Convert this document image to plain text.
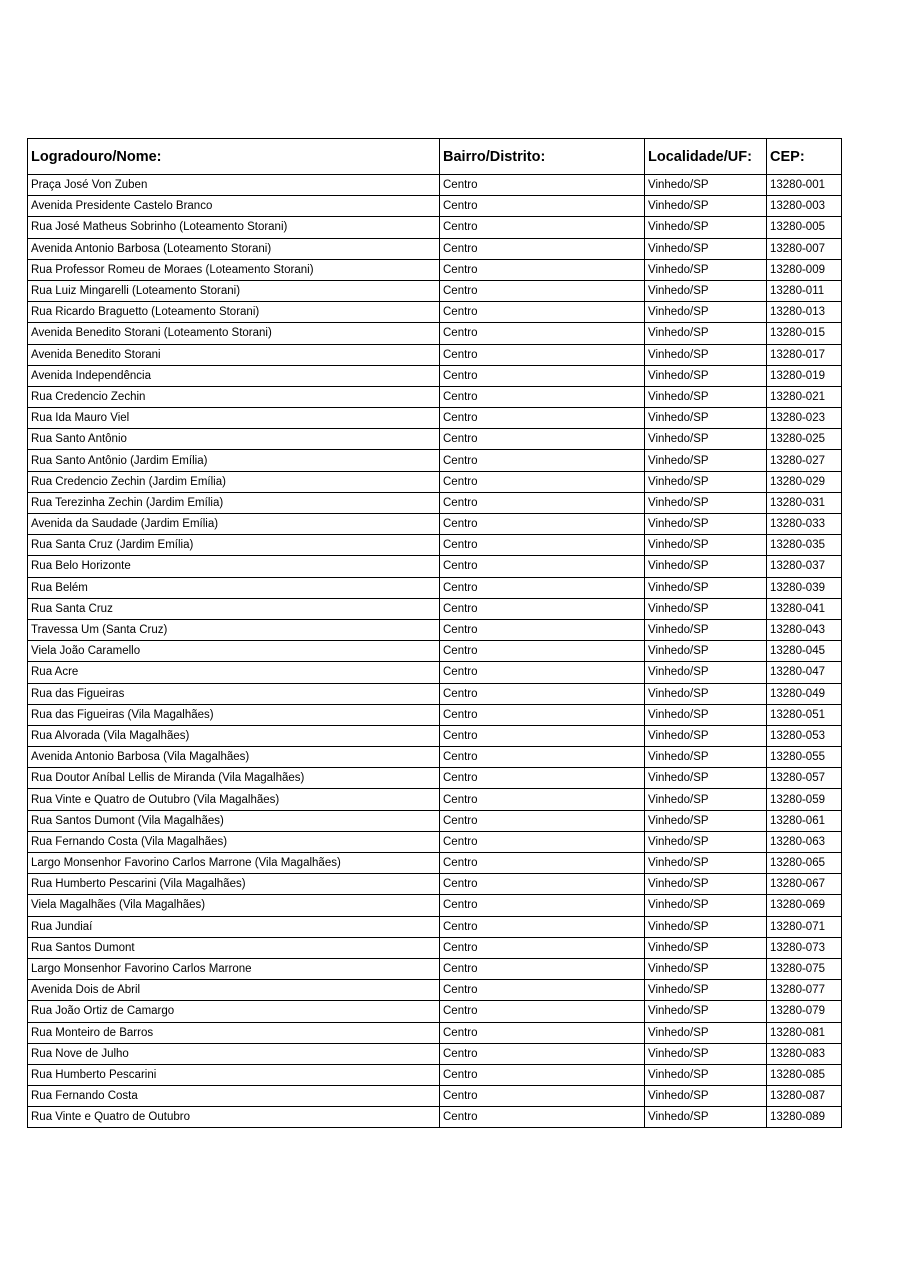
Logradouro/Nome:	Bairro/Distrito:	Localidade/UF:	CEP:
Praça José Von Zuben	Centro	Vinhedo/SP	13280-001
Avenida Presidente Castelo Branco	Centro	Vinhedo/SP	13280-003
Rua José Matheus Sobrinho (Loteamento Storani)	Centro	Vinhedo/SP	13280-005
Avenida Antonio Barbosa (Loteamento Storani)	Centro	Vinhedo/SP	13280-007
Rua Professor Romeu de Moraes (Loteamento Storani)	Centro	Vinhedo/SP	13280-009
Rua Luiz Mingarelli (Loteamento Storani)	Centro	Vinhedo/SP	13280-011
Rua Ricardo Braguetto (Loteamento Storani)	Centro	Vinhedo/SP	13280-013
Avenida Benedito Storani (Loteamento Storani)	Centro	Vinhedo/SP	13280-015
Avenida Benedito Storani	Centro	Vinhedo/SP	13280-017
Avenida Independência	Centro	Vinhedo/SP	13280-019
Rua Credencio Zechin	Centro	Vinhedo/SP	13280-021
Rua Ida Mauro Viel	Centro	Vinhedo/SP	13280-023
Rua Santo Antônio	Centro	Vinhedo/SP	13280-025
Rua Santo Antônio (Jardim Emília)	Centro	Vinhedo/SP	13280-027
Rua Credencio Zechin (Jardim Emília)	Centro	Vinhedo/SP	13280-029
Rua Terezinha Zechin (Jardim Emília)	Centro	Vinhedo/SP	13280-031
Avenida da Saudade (Jardim Emília)	Centro	Vinhedo/SP	13280-033
Rua Santa Cruz (Jardim Emília)	Centro	Vinhedo/SP	13280-035
Rua Belo Horizonte	Centro	Vinhedo/SP	13280-037
Rua Belém	Centro	Vinhedo/SP	13280-039
Rua Santa Cruz	Centro	Vinhedo/SP	13280-041
Travessa Um (Santa Cruz)	Centro	Vinhedo/SP	13280-043
Viela João Caramello	Centro	Vinhedo/SP	13280-045
Rua Acre	Centro	Vinhedo/SP	13280-047
Rua das Figueiras	Centro	Vinhedo/SP	13280-049
Rua das Figueiras (Vila Magalhães)	Centro	Vinhedo/SP	13280-051
Rua Alvorada (Vila Magalhães)	Centro	Vinhedo/SP	13280-053
Avenida Antonio Barbosa (Vila Magalhães)	Centro	Vinhedo/SP	13280-055
Rua Doutor Aníbal Lellis de Miranda (Vila Magalhães)	Centro	Vinhedo/SP	13280-057
Rua Vinte e Quatro de Outubro (Vila Magalhães)	Centro	Vinhedo/SP	13280-059
Rua Santos Dumont (Vila Magalhães)	Centro	Vinhedo/SP	13280-061
Rua Fernando Costa (Vila Magalhães)	Centro	Vinhedo/SP	13280-063
Largo Monsenhor Favorino Carlos Marrone (Vila Magalhães)	Centro	Vinhedo/SP	13280-065
Rua Humberto Pescarini (Vila Magalhães)	Centro	Vinhedo/SP	13280-067
Viela Magalhães (Vila Magalhães)	Centro	Vinhedo/SP	13280-069
Rua Jundiaí	Centro	Vinhedo/SP	13280-071
Rua Santos Dumont	Centro	Vinhedo/SP	13280-073
Largo Monsenhor Favorino Carlos Marrone	Centro	Vinhedo/SP	13280-075
Avenida Dois de Abril	Centro	Vinhedo/SP	13280-077
Rua João Ortiz de Camargo	Centro	Vinhedo/SP	13280-079
Rua Monteiro de Barros	Centro	Vinhedo/SP	13280-081
Rua Nove de Julho	Centro	Vinhedo/SP	13280-083
Rua Humberto Pescarini	Centro	Vinhedo/SP	13280-085
Rua Fernando Costa	Centro	Vinhedo/SP	13280-087
Rua Vinte e Quatro de Outubro	Centro	Vinhedo/SP	13280-089
